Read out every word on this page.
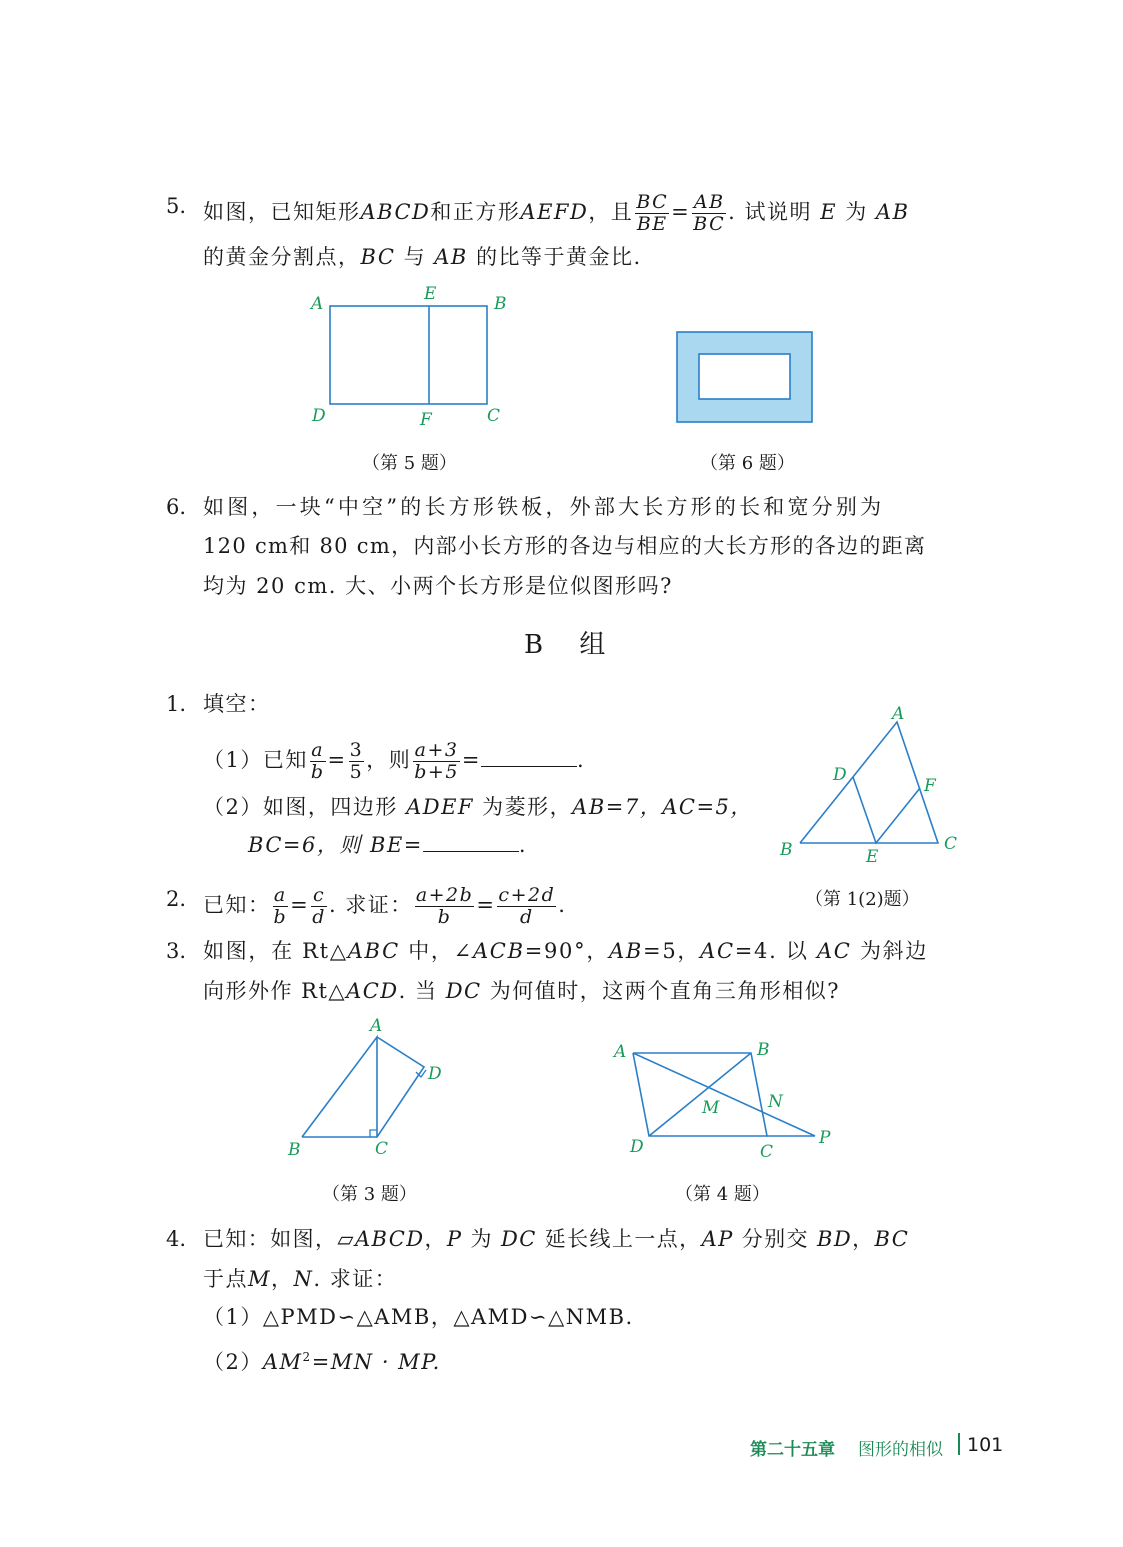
5. 如图，已知矩形ABCD和正方形AEFD，且 $\frac{BC}{BE} = \frac{AB}{BC}$ . 试说明 E 为 AB
的黄金分割点，BC 与 AB 的比等于黄金比.
A	E	B
D	F	C
（第 5 题）	（第 6 题）
6. 如图，一块“中空”的长方形铁板，外部大长方形的长和宽分别为
120 cm和 80 cm，内部小长方形的各边与相应的大长方形的各边的距离
均为 20 cm. 大、小两个长方形是位似图形吗?
B 组
1. 填空：
（1）已知 $\frac{a}{b} = \frac{3}{5}$ ，则 $\frac{a+3}{b+5}$ =	.
（2）如图，四边形 ADEF 为菱形，AB=7，AC=5，
BC=6，则 BE=	.
A
D
F
B	E
C
（第 1(2)题）
2. 已知： $\frac{a}{b} = \frac{c}{d}$ . 求证： $\frac{a+2b}{b} = \frac{c+2d}{d}$ .
3. 如图，在 Rt△ABC 中，∠ACB=90°，AB=5，AC=4. 以 AC 为斜边
向形外作 Rt△ACD. 当 DC 为何值时，这两个直角三角形相似?
A
D
B	C
（第 3 题）
A	B
M	N
D	C
P
（第 4 题）
4. 已知：如图，▱ABCD，P 为 DC 延长线上一点，AP 分别交 BD，BC
于点M，N. 求证：
（1）△PMD∽△AMB，△AMD∽△NMB.
$(2)AM^2=MN$ · MP.
第二十五章 图形的相似 101
